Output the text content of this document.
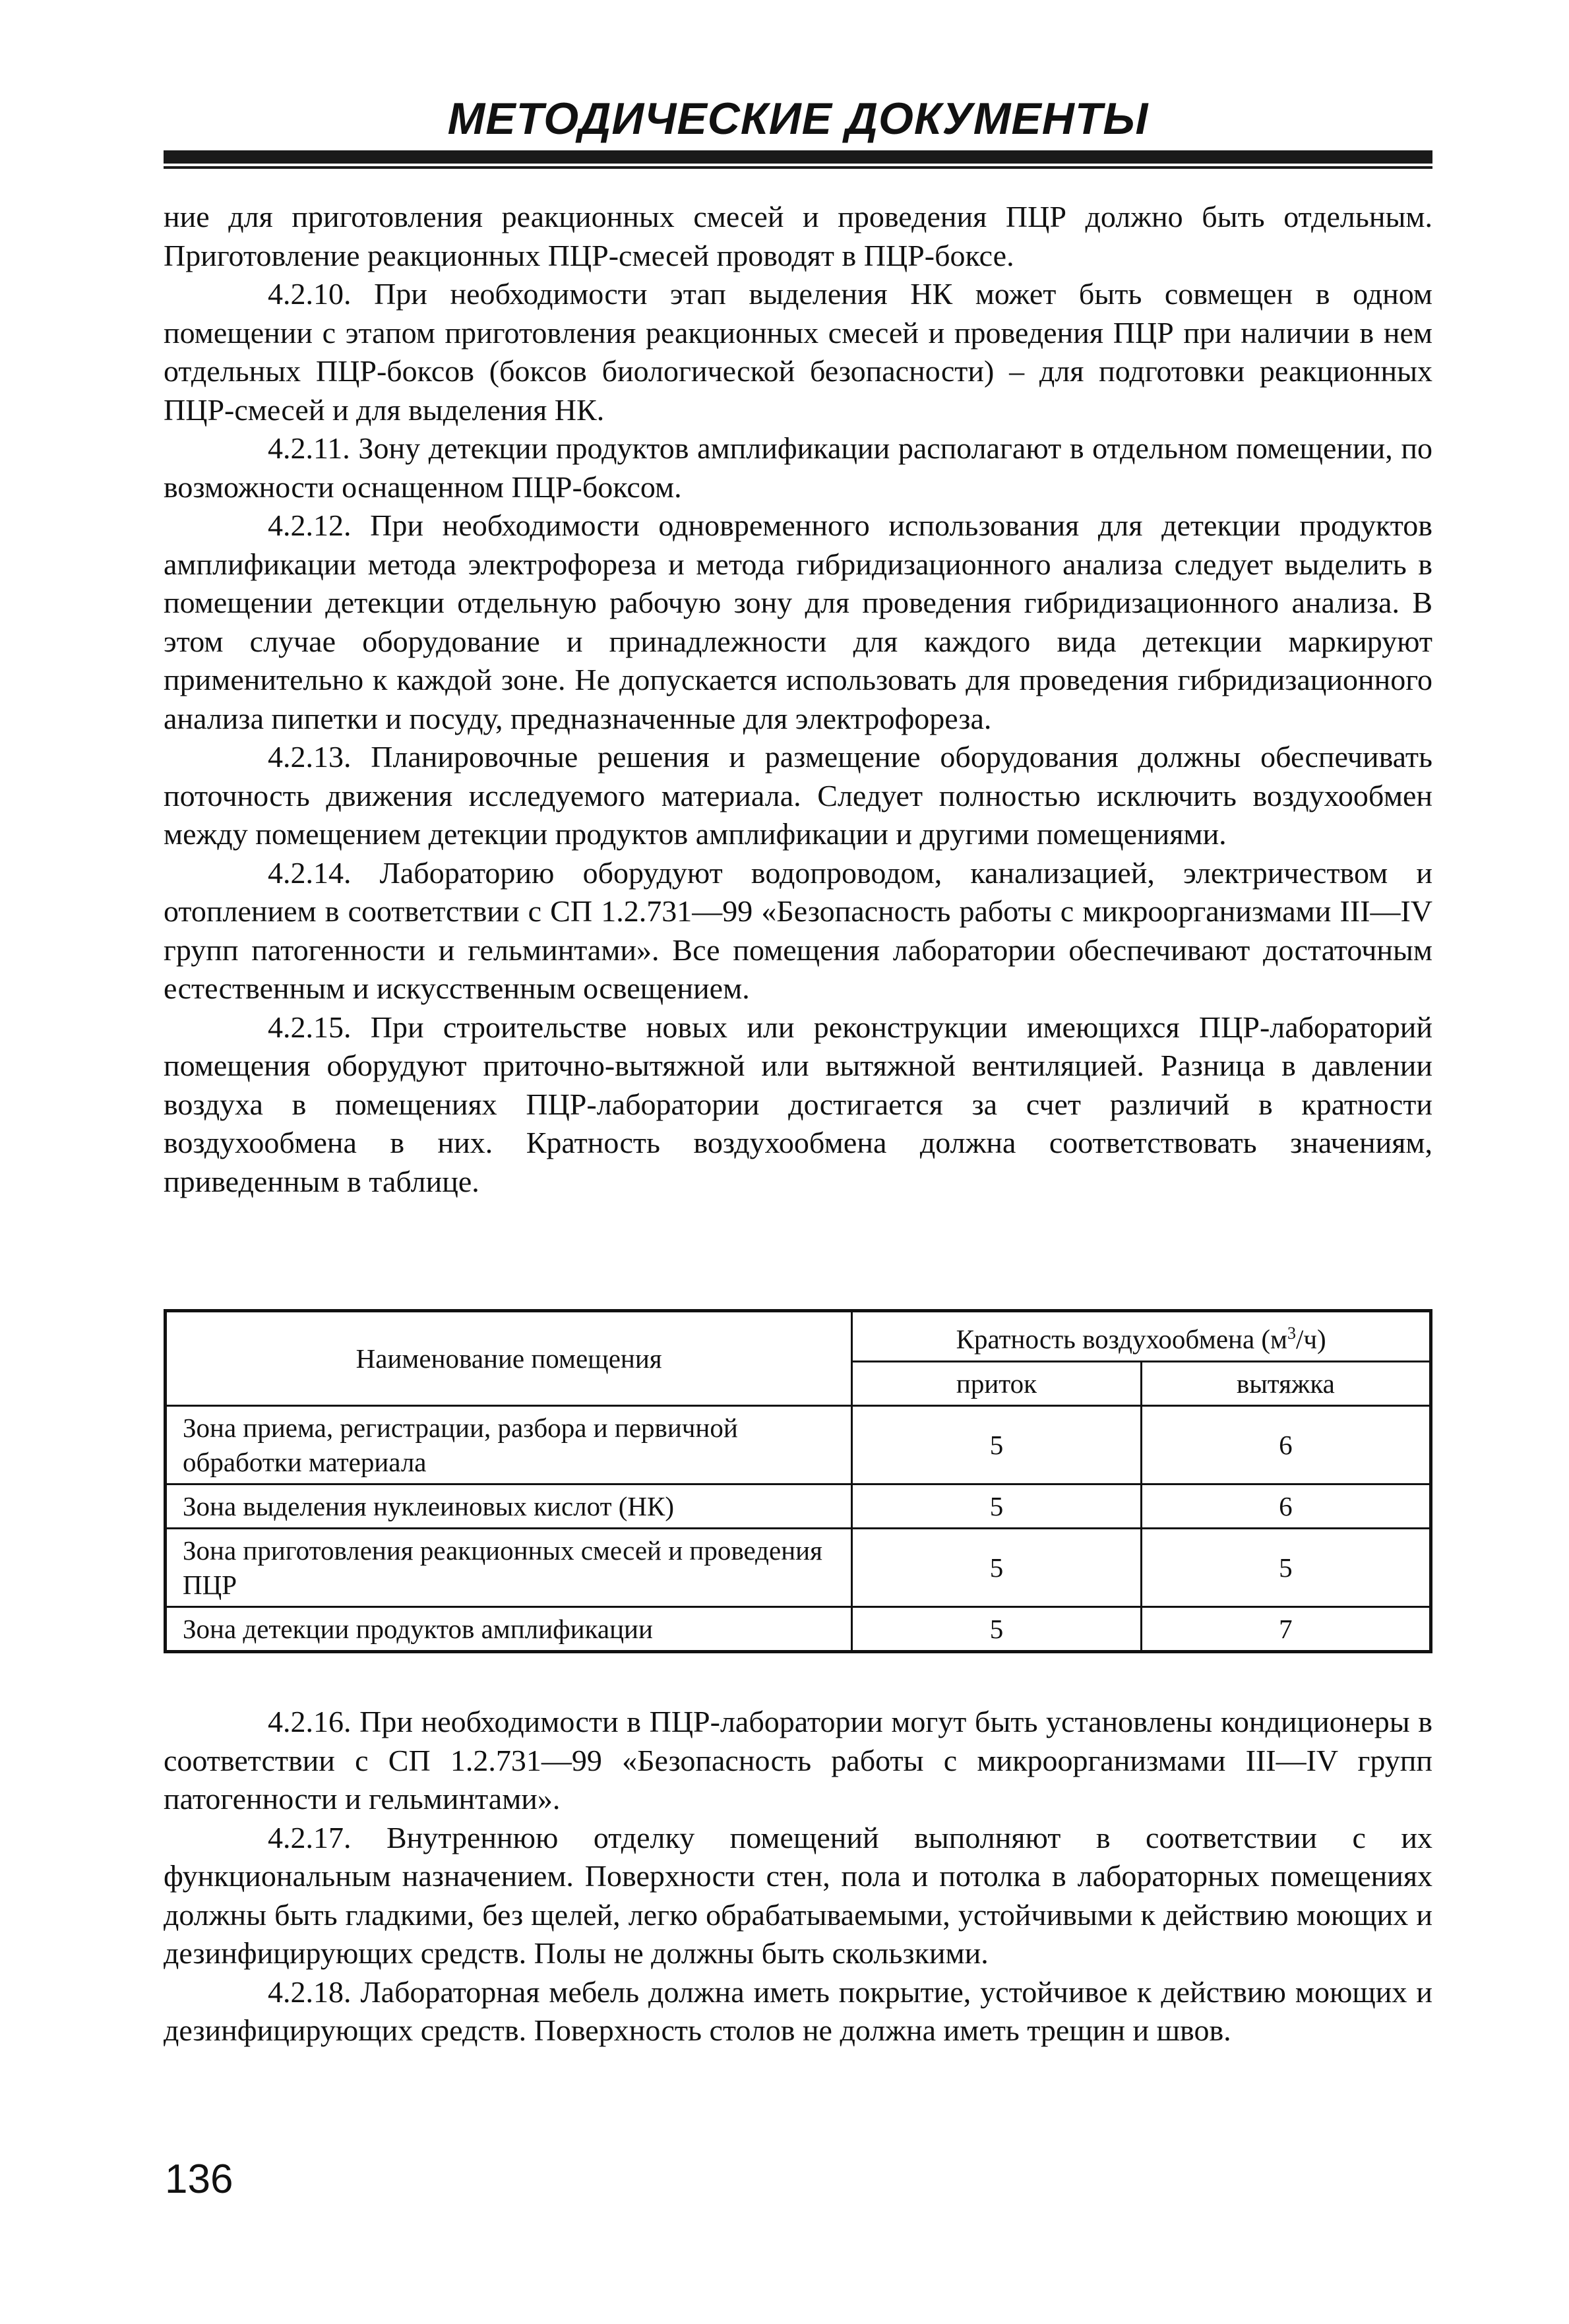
МЕТОДИЧЕСКИЕ ДОКУМЕНТЫ

ние для приготовления реакционных смесей и проведения ПЦР должно быть отдельным. Приготовление реакционных ПЦР-смесей проводят в ПЦР-боксе.

4.2.10. При необходимости этап выделения НК может быть совмещен в одном помещении с этапом приготовления реакционных смесей и проведения ПЦР при наличии в нем отдельных ПЦР-боксов (боксов биологической безопасности) – для подготовки реакционных ПЦР-смесей и для выделения НК.

4.2.11. Зону детекции продуктов амплификации располагают в отдельном помещении, по возможности оснащенном ПЦР-боксом.

4.2.12. При необходимости одновременного использования для детекции продуктов амплификации метода электрофореза и метода гибридизационного анализа следует выделить в помещении детекции отдельную рабочую зону для проведения гибридизационного анализа. В этом случае оборудование и принадлежности для каждого вида детекции маркируют применительно к каждой зоне. Не допускается использовать для проведения гибридизационного анализа пипетки и посуду, предназначенные для электрофореза.

4.2.13. Планировочные решения и размещение оборудования должны обеспечивать поточность движения исследуемого материала. Следует полностью исключить воздухообмен между помещением детекции продуктов амплификации и другими помещениями.

4.2.14. Лабораторию оборудуют водопроводом, канализацией, электричеством и отоплением в соответствии с СП 1.2.731—99 «Безопасность работы с микроорганизмами III—IV групп патогенности и гельминтами». Все помещения лаборатории обеспечивают достаточным естественным и искусственным освещением.

4.2.15. При строительстве новых или реконструкции имеющихся ПЦР-лабораторий помещения оборудуют приточно-вытяжной или вытяжной вентиляцией. Разница в давлении воздуха в помещениях ПЦР-лаборатории достигается за счет различий в кратности воздухообмена в них. Кратность воздухообмена должна соответствовать значениям, приведенным в таблице.

Наименование помещения	Кратность воздухообмена $(м^3/ч)$	
	приток	вытяжка
Зона приема, регистрации, разбора и первичной обработки материала	5	6
Зона выделения нуклеиновых кислот (НК)	5	6
Зона приготовления реакционных смесей и проведения ПЦР	5	5
Зона детекции продуктов амплификации	5	7

4.2.16. При необходимости в ПЦР-лаборатории могут быть установлены кондиционеры в соответствии с СП 1.2.731—99 «Безопасность работы с микроорганизмами III—IV групп патогенности и гельминтами».

4.2.17. Внутреннюю отделку помещений выполняют в соответствии с их функциональным назначением. Поверхности стен, пола и потолка в лабораторных помещениях должны быть гладкими, без щелей, легко обрабатываемыми, устойчивыми к действию моющих и дезинфицирующих средств. Полы не должны быть скользкими.

4.2.18. Лабораторная мебель должна иметь покрытие, устойчивое к действию моющих и дезинфицирующих средств. Поверхность столов не должна иметь трещин и швов.

136
